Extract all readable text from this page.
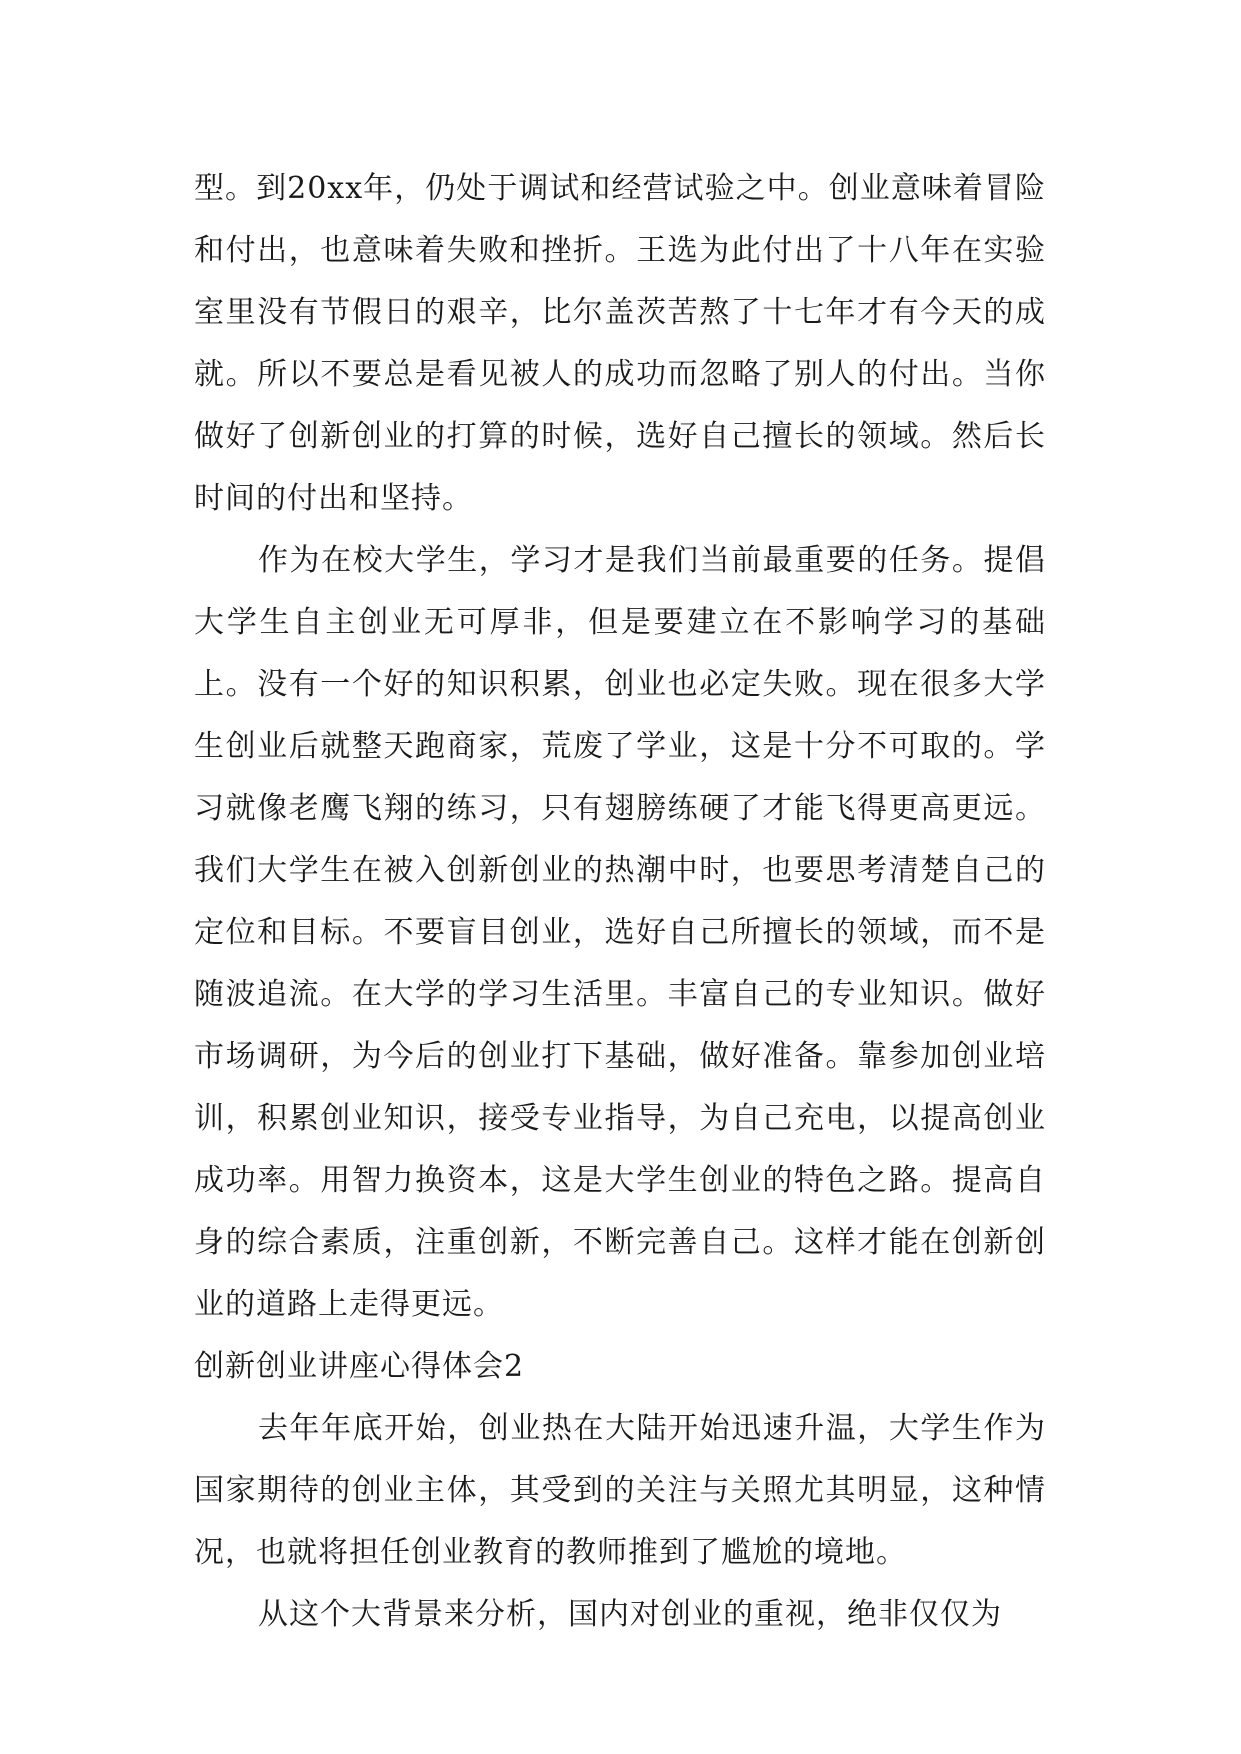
型。到20xx年，仍处于调试和经营试验之中。创业意味着冒险和付出，也意味着失败和挫折。王选为此付出了十八年在实验室里没有节假日的艰辛，比尔盖茨苦熬了十七年才有今天的成就。所以不要总是看见被人的成功而忽略了别人的付出。当你做好了创新创业的打算的时候，选好自己擅长的领域。然后长时间的付出和坚持。

作为在校大学生，学习才是我们当前最重要的任务。提倡大学生自主创业无可厚非，但是要建立在不影响学习的基础上。没有一个好的知识积累，创业也必定失败。现在很多大学生创业后就整天跑商家，荒废了学业，这是十分不可取的。学习就像老鹰飞翔的练习，只有翅膀练硬了才能飞得更高更远。我们大学生在被入创新创业的热潮中时，也要思考清楚自己的定位和目标。不要盲目创业，选好自己所擅长的领域，而不是随波追流。在大学的学习生活里。丰富自己的专业知识。做好市场调研，为今后的创业打下基础，做好准备。靠参加创业培训，积累创业知识，接受专业指导，为自己充电，以提高创业成功率。用智力换资本，这是大学生创业的特色之路。提高自身的综合素质，注重创新，不断完善自己。这样才能在创新创业的道路上走得更远。

创新创业讲座心得体会2

去年年底开始，创业热在大陆开始迅速升温，大学生作为国家期待的创业主体，其受到的关注与关照尤其明显，这种情况，也就将担任创业教育的教师推到了尴尬的境地。

从这个大背景来分析，国内对创业的重视，绝非仅仅为
